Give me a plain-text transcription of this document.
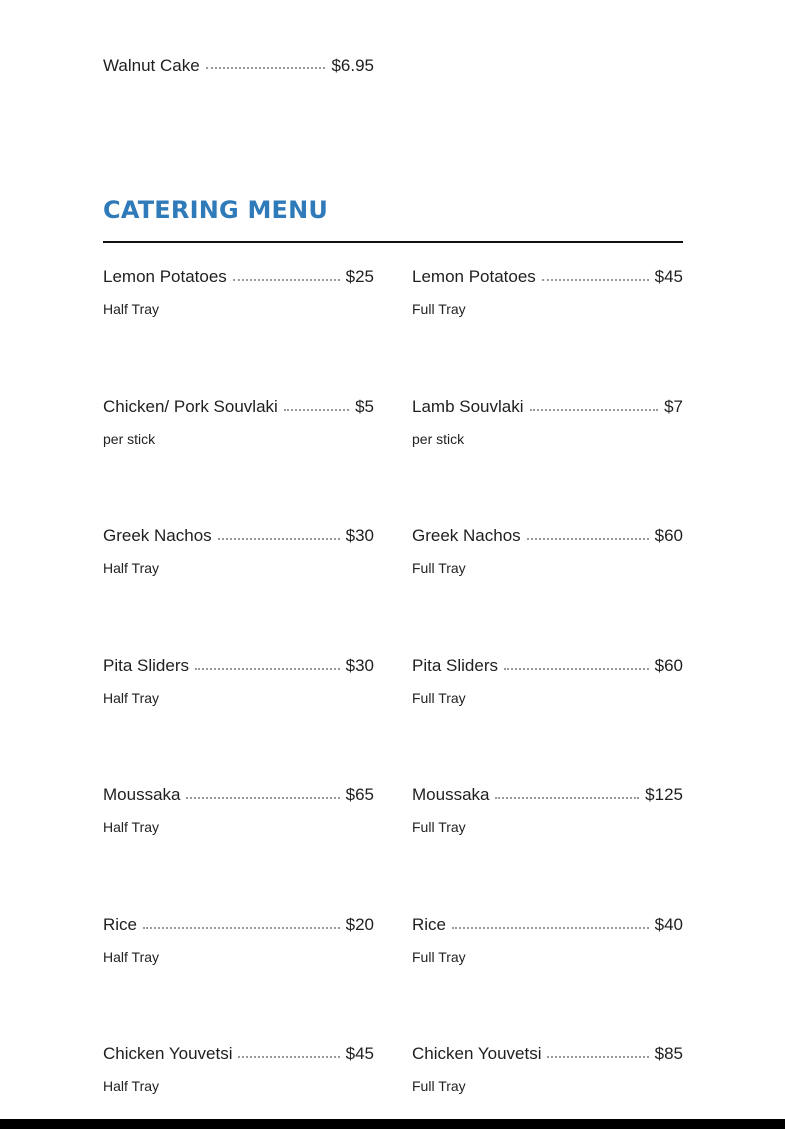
Walnut Cake	$6.95
CATERING MENU
Lemon Potatoes	$25
Half Tray
Lemon Potatoes	$45
Full Tray
Chicken/ Pork Souvlaki	$5
per stick
Lamb Souvlaki	$7
per stick
Greek Nachos	$30
Half Tray
Greek Nachos	$60
Full Tray
Pita Sliders	$30
Half Tray
Pita Sliders	$60
Full Tray
Moussaka	$65
Half Tray
Moussaka	$125
Full Tray
Rice	$20
Half Tray
Rice	$40
Full Tray
Chicken Youvetsi	$45
Half Tray
Chicken Youvetsi	$85
Full Tray
